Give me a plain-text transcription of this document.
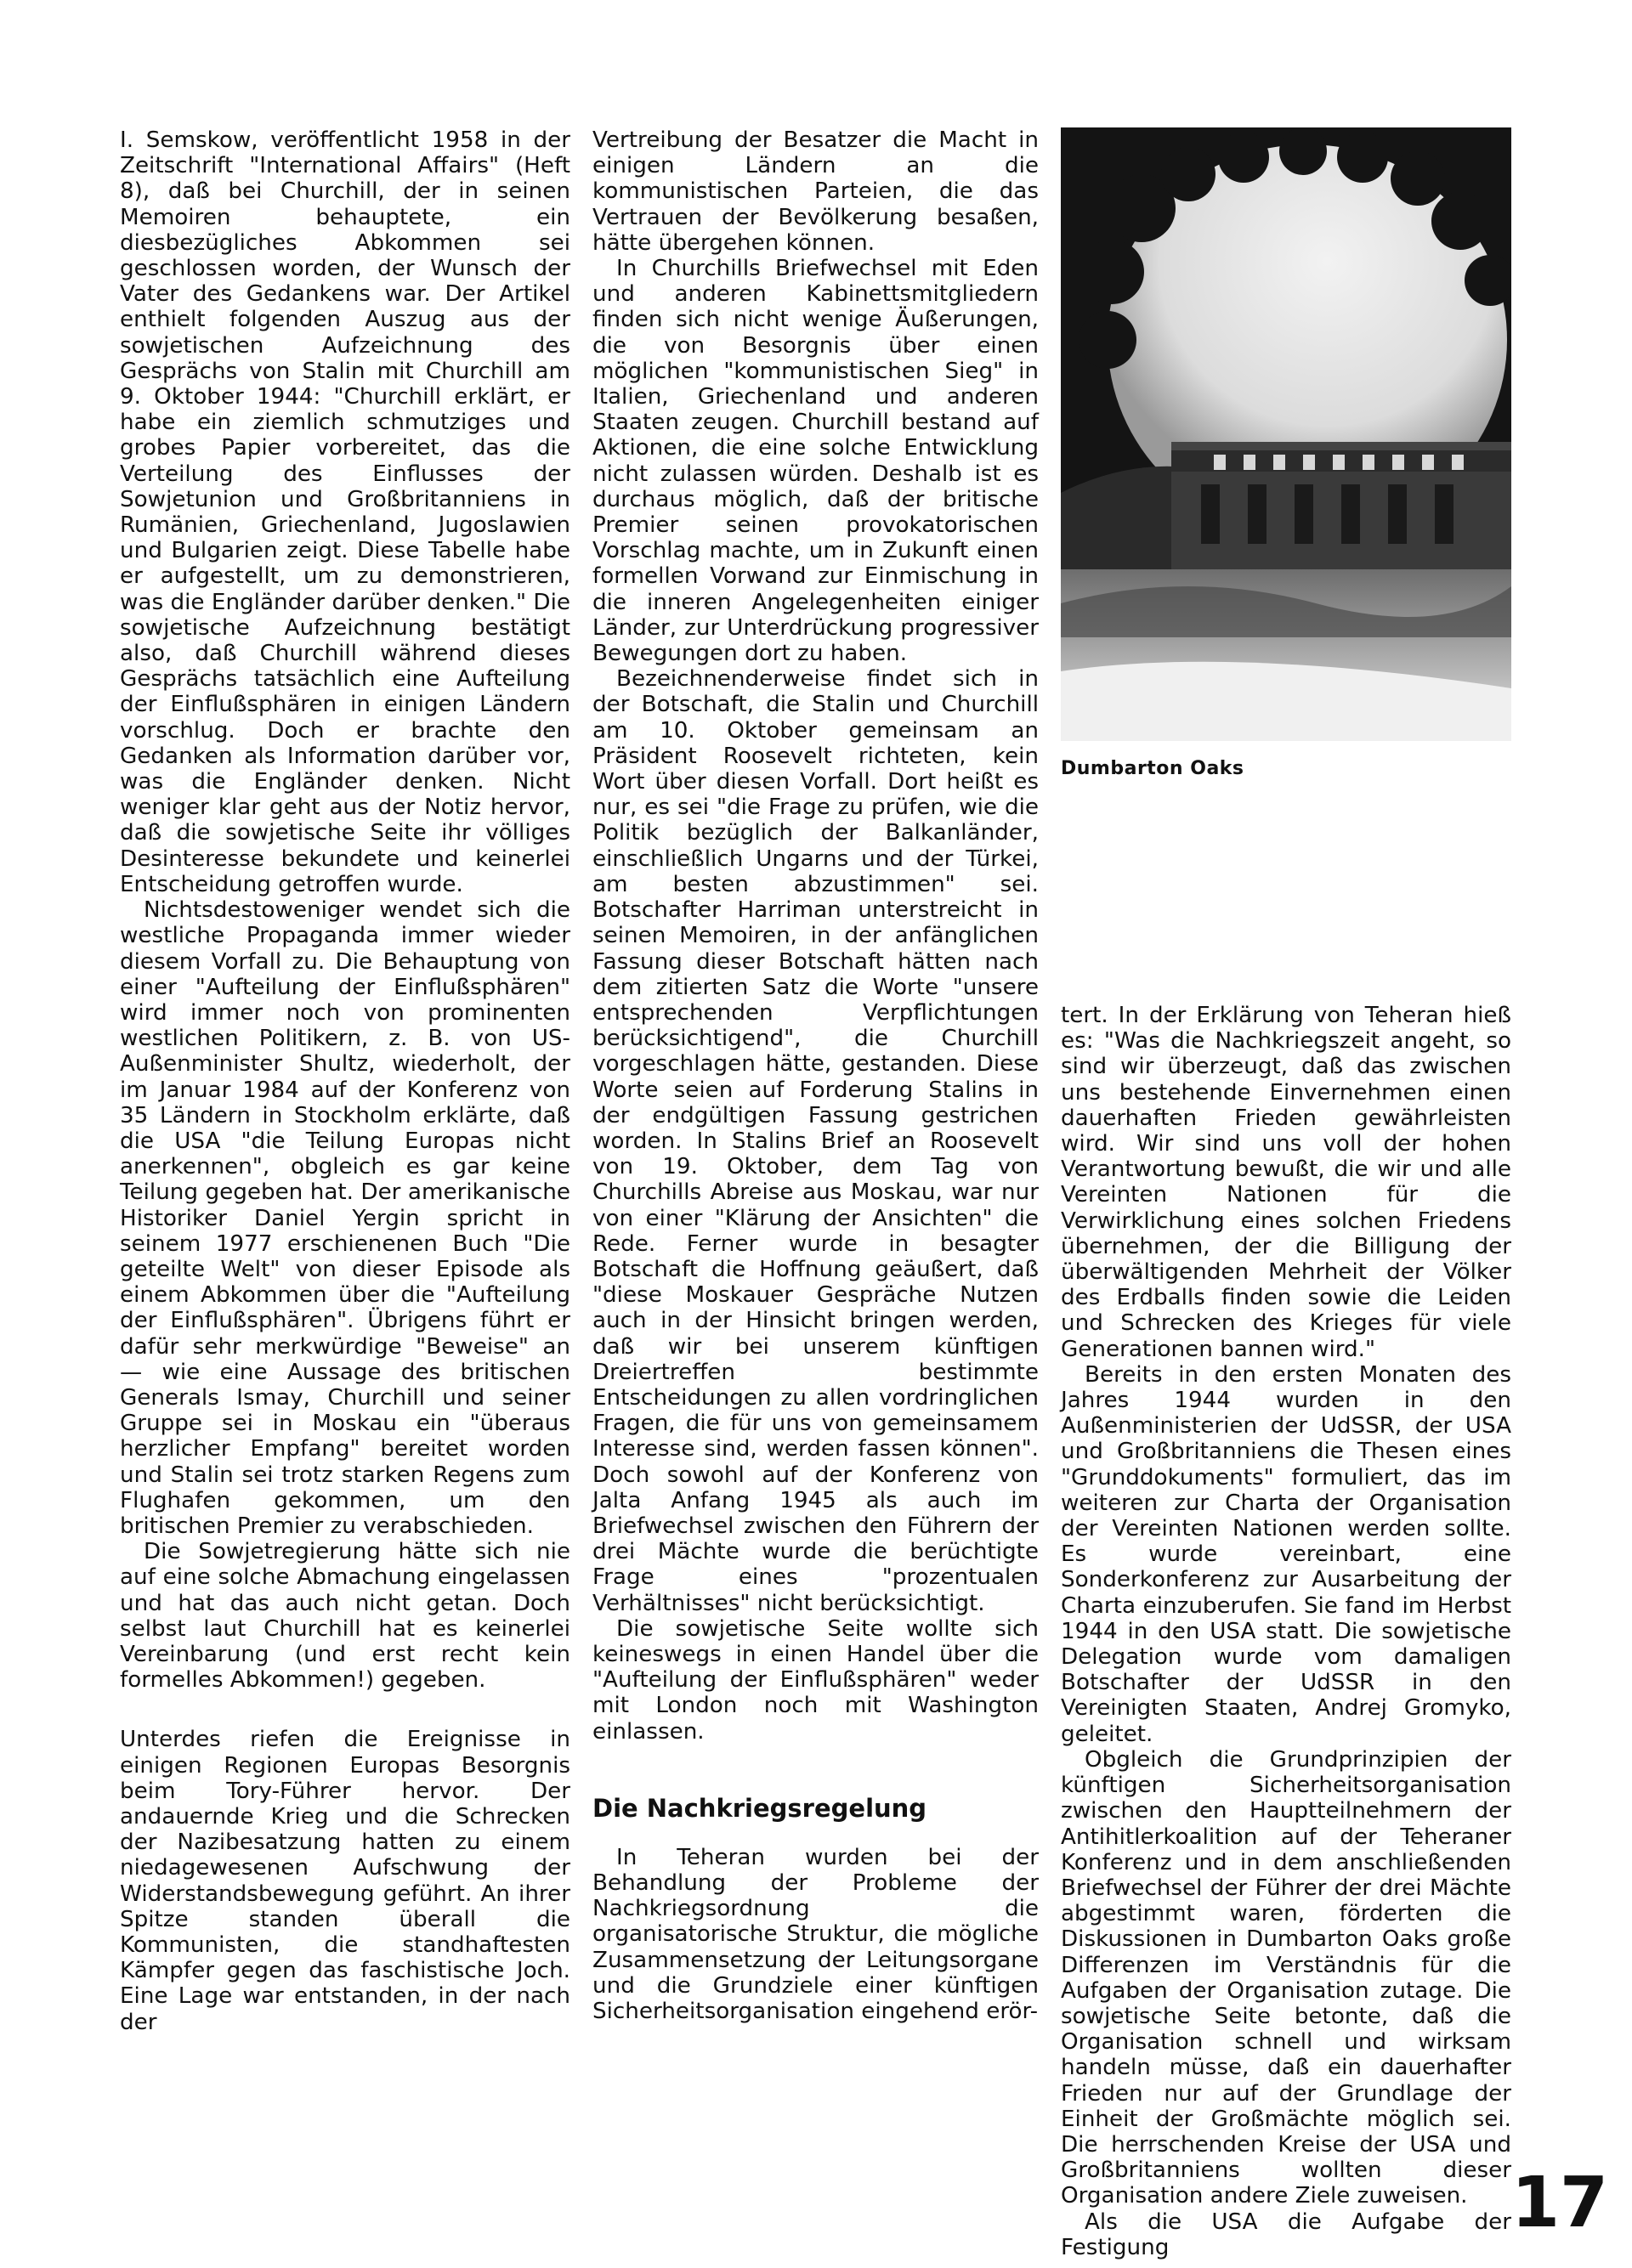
I. Semskow, veröffentlicht 1958 in der Zeitschrift "International Affairs" (Heft 8), daß bei Churchill, der in seinen Memoiren behauptete, ein diesbezügliches Abkommen sei geschlossen worden, der Wunsch der Vater des Gedankens war. Der Artikel enthielt folgenden Auszug aus der sowjetischen Aufzeichnung des Gesprächs von Stalin mit Churchill am 9. Oktober 1944: "Churchill erklärt, er habe ein ziemlich schmutziges und grobes Papier vorbereitet, das die Verteilung des Einflusses der Sowjetunion und Großbritanniens in Rumänien, Griechenland, Jugoslawien und Bulgarien zeigt. Diese Tabelle habe er aufgestellt, um zu demonstrieren, was die Engländer darüber denken." Die sowjetische Aufzeichnung bestätigt also, daß Churchill während dieses Gesprächs tatsächlich eine Aufteilung der Einflußsphären in einigen Ländern vorschlug. Doch er brachte den Gedanken als Information darüber vor, was die Engländer denken. Nicht weniger klar geht aus der Notiz hervor, daß die sowjetische Seite ihr völliges Desinteresse bekundete und keinerlei Entscheidung getroffen wurde.

Nichtsdestoweniger wendet sich die westliche Propaganda immer wieder diesem Vorfall zu. Die Behauptung von einer "Aufteilung der Einflußsphären" wird immer noch von prominenten westlichen Politikern, z. B. von US-Außenminister Shultz, wiederholt, der im Januar 1984 auf der Konferenz von 35 Ländern in Stockholm erklärte, daß die USA "die Teilung Europas nicht anerkennen", obgleich es gar keine Teilung gegeben hat. Der amerikanische Historiker Daniel Yergin spricht in seinem 1977 erschienenen Buch "Die geteilte Welt" von dieser Episode als einem Abkommen über die "Aufteilung der Einflußsphären". Übrigens führt er dafür sehr merkwürdige "Beweise" an — wie eine Aussage des britischen Generals Ismay, Churchill und seiner Gruppe sei in Moskau ein "überaus herzlicher Empfang" bereitet worden und Stalin sei trotz starken Regens zum Flughafen gekommen, um den britischen Premier zu verabschieden.

Die Sowjetregierung hätte sich nie auf eine solche Abmachung eingelassen und hat das auch nicht getan. Doch selbst laut Churchill hat es keinerlei Vereinbarung (und erst recht kein formelles Abkommen!) gegeben.

Unterdes riefen die Ereignisse in einigen Regionen Europas Besorgnis beim Tory-Führer hervor. Der andauernde Krieg und die Schrecken der Nazibesatzung hatten zu einem niedagewesenen Aufschwung der Widerstandsbewegung geführt. An ihrer Spitze standen überall die Kommunisten, die standhaftesten Kämpfer gegen das faschistische Joch. Eine Lage war entstanden, in der nach der

Vertreibung der Besatzer die Macht in einigen Ländern an die kommunistischen Parteien, die das Vertrauen der Bevölkerung besaßen, hätte übergehen können.

In Churchills Briefwechsel mit Eden und anderen Kabinettsmitgliedern finden sich nicht wenige Äußerungen, die von Besorgnis über einen möglichen "kommunistischen Sieg" in Italien, Griechenland und anderen Staaten zeugen. Churchill bestand auf Aktionen, die eine solche Entwicklung nicht zulassen würden. Deshalb ist es durchaus möglich, daß der britische Premier seinen provokatorischen Vorschlag machte, um in Zukunft einen formellen Vorwand zur Einmischung in die inneren Angelegenheiten einiger Länder, zur Unterdrückung progressiver Bewegungen dort zu haben.

Bezeichnenderweise findet sich in der Botschaft, die Stalin und Churchill am 10. Oktober gemeinsam an Präsident Roosevelt richteten, kein Wort über diesen Vorfall. Dort heißt es nur, es sei "die Frage zu prüfen, wie die Politik bezüglich der Balkanländer, einschließlich Ungarns und der Türkei, am besten abzustimmen" sei. Botschafter Harriman unterstreicht in seinen Memoiren, in der anfänglichen Fassung dieser Botschaft hätten nach dem zitierten Satz die Worte "unsere entsprechenden Verpflichtungen berücksichtigend", die Churchill vorgeschlagen hätte, gestanden. Diese Worte seien auf Forderung Stalins in der endgültigen Fassung gestrichen worden. In Stalins Brief an Roosevelt von 19. Oktober, dem Tag von Churchills Abreise aus Moskau, war nur von einer "Klärung der Ansichten" die Rede. Ferner wurde in besagter Botschaft die Hoffnung geäußert, daß "diese Moskauer Gespräche Nutzen auch in der Hinsicht bringen werden, daß wir bei unserem künftigen Dreiertreffen bestimmte Entscheidungen zu allen vordringlichen Fragen, die für uns von gemeinsamem Interesse sind, werden fassen können". Doch sowohl auf der Konferenz von Jalta Anfang 1945 als auch im Briefwechsel zwischen den Führern der drei Mächte wurde die berüchtigte Frage eines "prozentualen Verhältnisses" nicht berücksichtigt.

Die sowjetische Seite wollte sich keineswegs in einen Handel über die "Aufteilung der Einflußsphären" weder mit London noch mit Washington einlassen.

Die Nachkriegsregelung

In Teheran wurden bei der Behandlung der Probleme der Nachkriegsordnung die organisatorische Struktur, die mögliche Zusammensetzung der Leitungsorgane und die Grundziele einer künftigen Sicherheitsorganisation eingehend erör-

Dumbarton Oaks

tert. In der Erklärung von Teheran hieß es: "Was die Nachkriegszeit angeht, so sind wir überzeugt, daß das zwischen uns bestehende Einvernehmen einen dauerhaften Frieden gewährleisten wird. Wir sind uns voll der hohen Verantwortung bewußt, die wir und alle Vereinten Nationen für die Verwirklichung eines solchen Friedens übernehmen, der die Billigung der überwältigenden Mehrheit der Völker des Erdballs finden sowie die Leiden und Schrecken des Krieges für viele Generationen bannen wird."

Bereits in den ersten Monaten des Jahres 1944 wurden in den Außenministerien der UdSSR, der USA und Großbritanniens die Thesen eines "Grunddokuments" formuliert, das im weiteren zur Charta der Organisation der Vereinten Nationen werden sollte. Es wurde vereinbart, eine Sonderkonferenz zur Ausarbeitung der Charta einzuberufen. Sie fand im Herbst 1944 in den USA statt. Die sowjetische Delegation wurde vom damaligen Botschafter der UdSSR in den Vereinigten Staaten, Andrej Gromyko, geleitet.

Obgleich die Grundprinzipien der künftigen Sicherheitsorganisation zwischen den Hauptteilnehmern der Antihitlerkoalition auf der Teheraner Konferenz und in dem anschließenden Briefwechsel der Führer der drei Mächte abgestimmt waren, förderten die Diskussionen in Dumbarton Oaks große Differenzen im Verständnis für die Aufgaben der Organisation zutage. Die sowjetische Seite betonte, daß die Organisation schnell und wirksam handeln müsse, daß ein dauerhafter Frieden nur auf der Grundlage der Einheit der Großmächte möglich sei. Die herrschenden Kreise der USA und Großbritanniens wollten dieser Organisation andere Ziele zuweisen.

Als die USA die Aufgabe der Festigung

17
